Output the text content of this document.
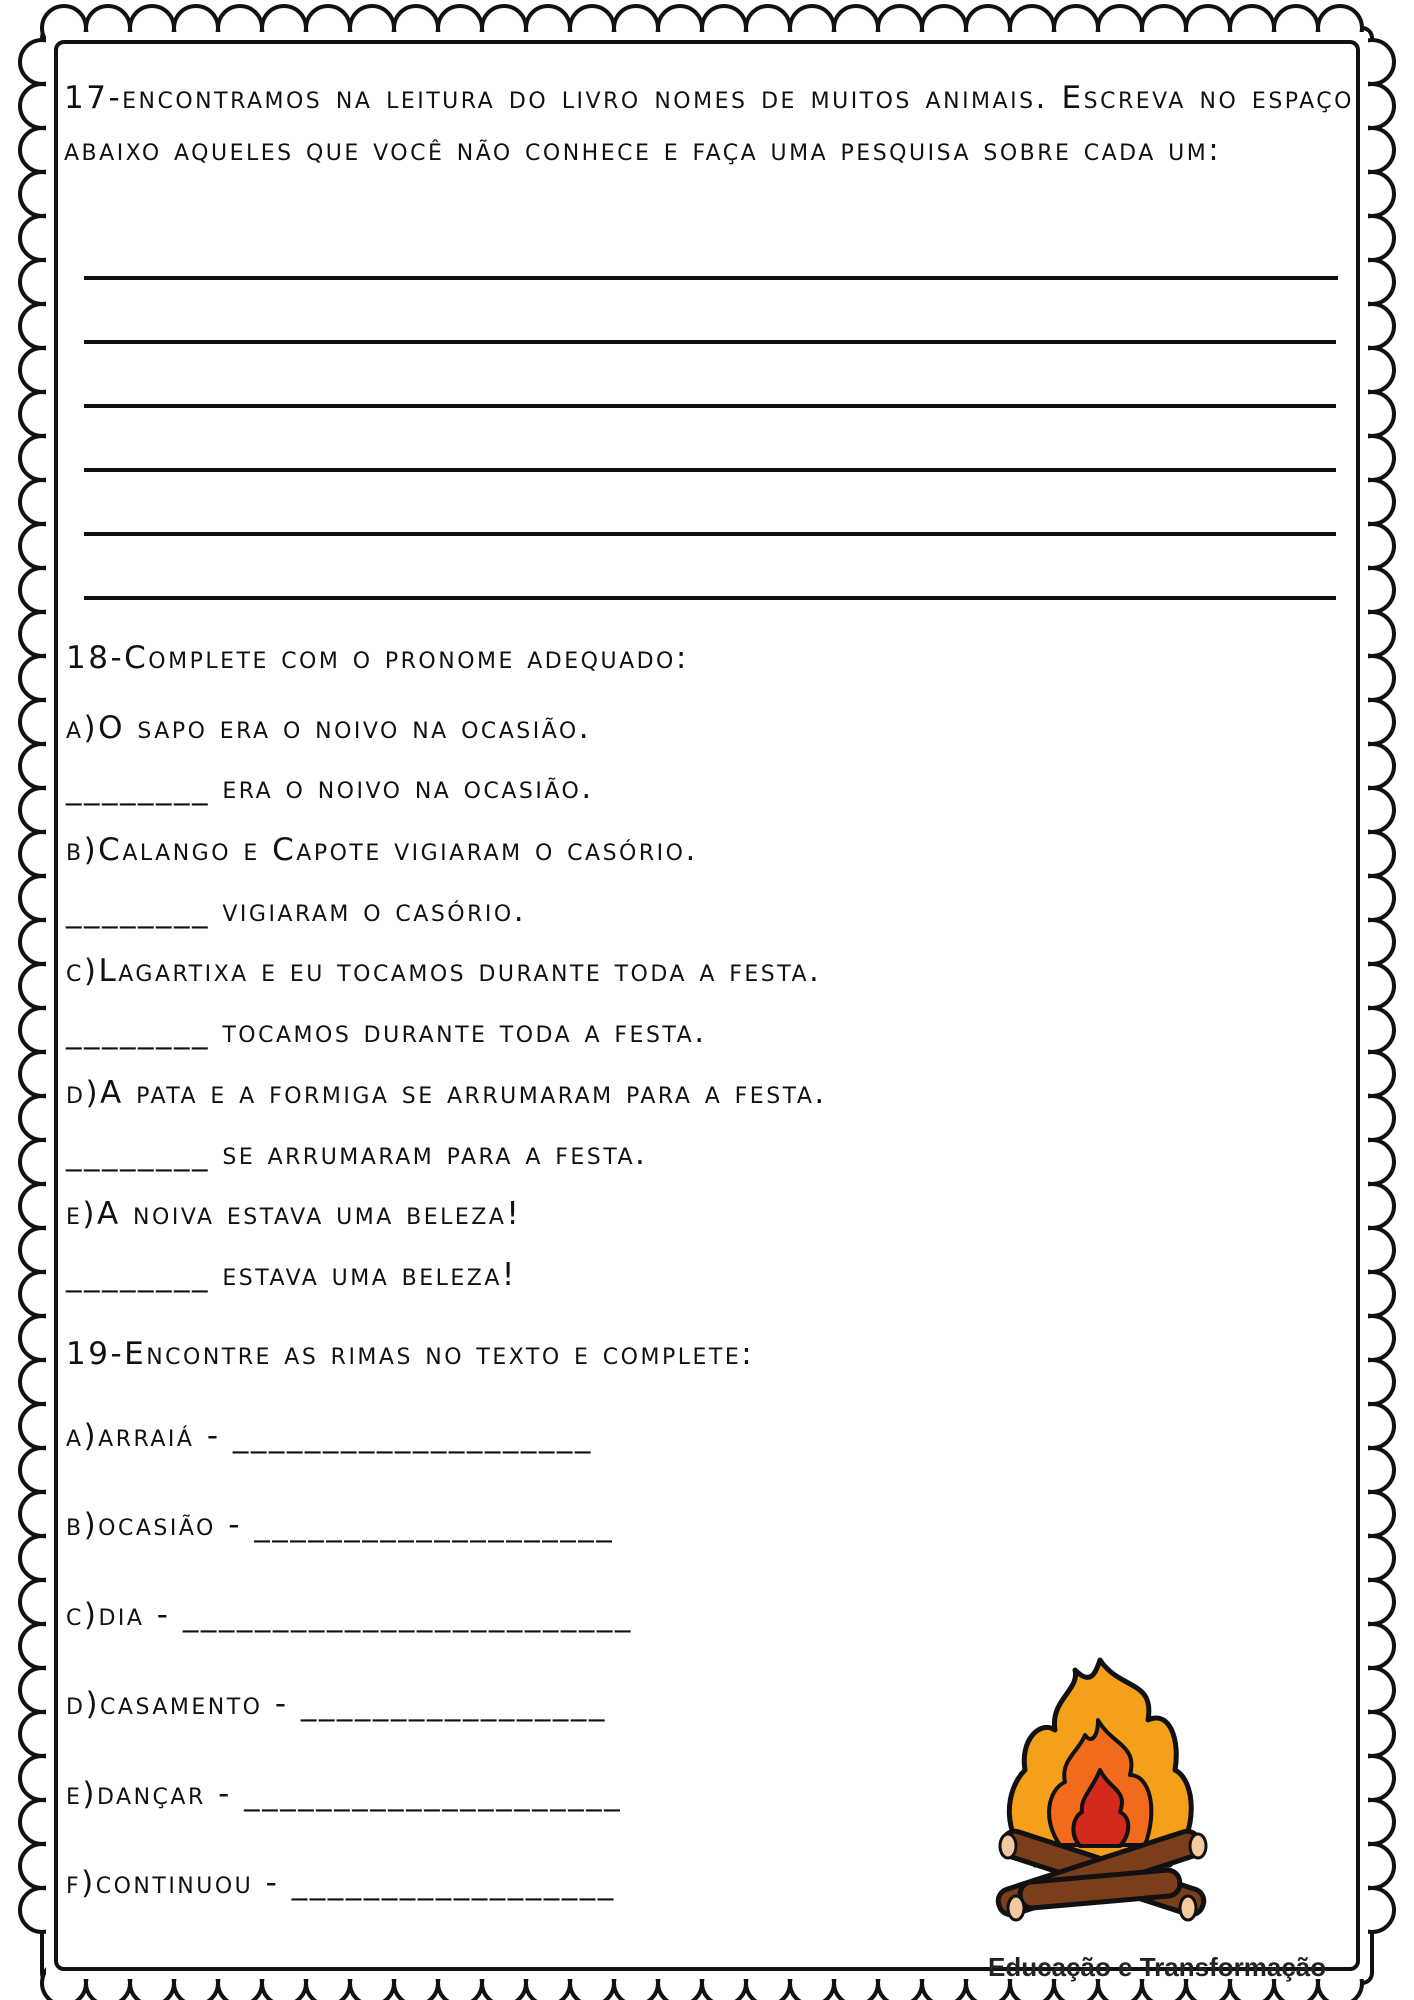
17-encontramos na leitura do livro nomes de muitos animais. Escreva no espaço abaixo aqueles que você não conhece e faça uma pesquisa sobre cada um:

18-Complete com o pronome adequado:
a)O sapo era o noivo na ocasião.
________ era o noivo na ocasião.
b)Calango e Capote vigiaram o casório.
________ vigiaram o casório.
c)Lagartixa e eu tocamos durante toda a festa.
________ tocamos durante toda a festa.
d)A pata e a formiga se arrumaram para a festa.
________ se arrumaram para a festa.
e)A noiva estava uma beleza!
________ estava uma beleza!
19-Encontre as rimas no texto e complete:
a)arraiá - ____________________
b)ocasião - ____________________
c)dia - _________________________
d)casamento - _________________
e)dançar - _____________________
f)continuou - __________________
Educação e Transformação
